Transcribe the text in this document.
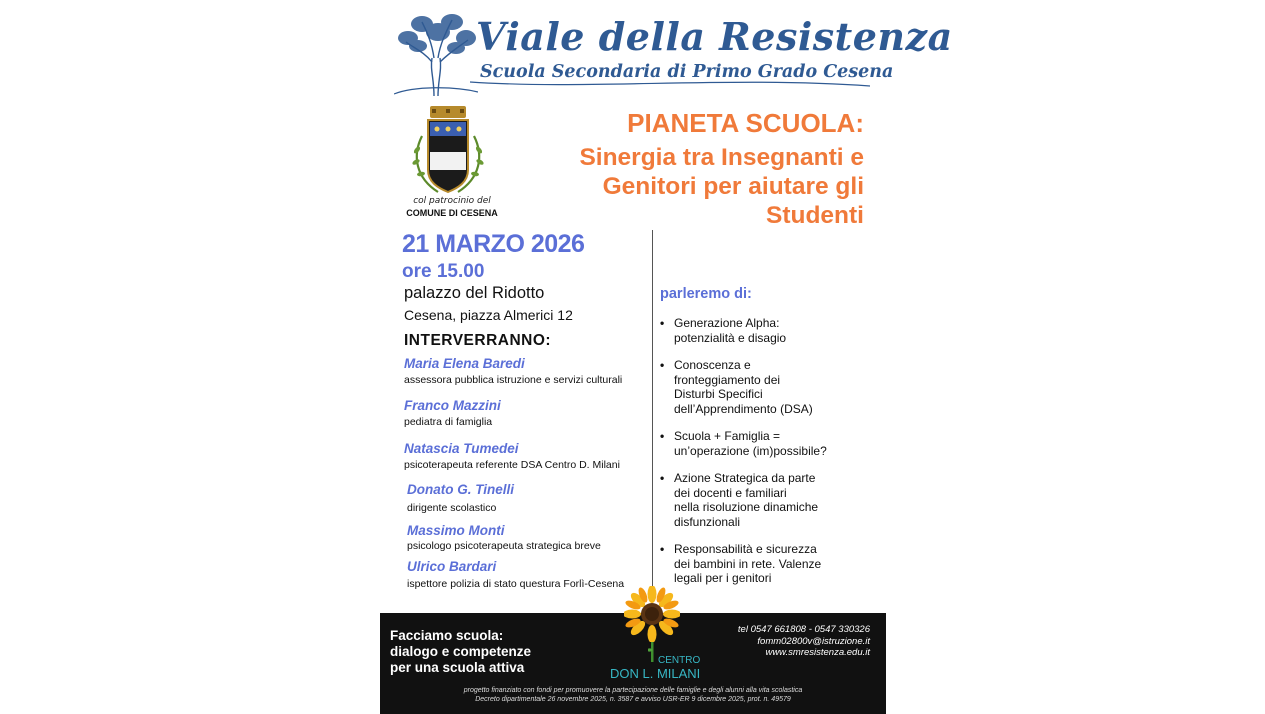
Viale della Resistenza
Scuola Secondaria di Primo Grado Cesena
col patrocinio del
COMUNE DI CESENA
PIANETA SCUOLA:
Sinergia tra Insegnanti e
Genitori per aiutare gli
Studenti
21 MARZO 2026
ore 15.00
palazzo del Ridotto
Cesena, piazza Almerici 12
INTERVERRANNO:
Maria Elena Baredi
assessora pubblica istruzione e servizi culturali
Franco Mazzini
pediatra di famiglia
Natascia Tumedei
psicoterapeuta referente DSA Centro D. Milani
Donato G. Tinelli
dirigente scolastico
Massimo Monti
psicologo psicoterapeuta strategica breve
Ulrico Bardari
ispettore polizia di stato questura Forlì-Cesena
parleremo di:
• Generazione Alpha:
potenzialità e disagio
• Conoscenza e
fronteggiamento dei
Disturbi Specifici
dell’Apprendimento (DSA)
• Scuola + Famiglia =
un’operazione (im)possibile?
• Azione Strategica da parte
dei docenti e familiari
nella risoluzione dinamiche
disfunzionali
• Responsabilità e sicurezza
dei bambini in rete. Valenze
legali per i genitori
Facciamo scuola:
dialogo e competenze
per una scuola attiva
tel 0547 661808 - 0547 330326
fomm02800v@istruzione.it
www.smresistenza.edu.it
progetto finanziato con fondi per promuovere la partecipazione delle famiglie e degli alunni alla vita scolastica
Decreto dipartimentale 26 novembre 2025, n. 3587 e avviso USR-ER 9 dicembre 2025, prot. n. 49579
CENTRO
DON L. MILANI
